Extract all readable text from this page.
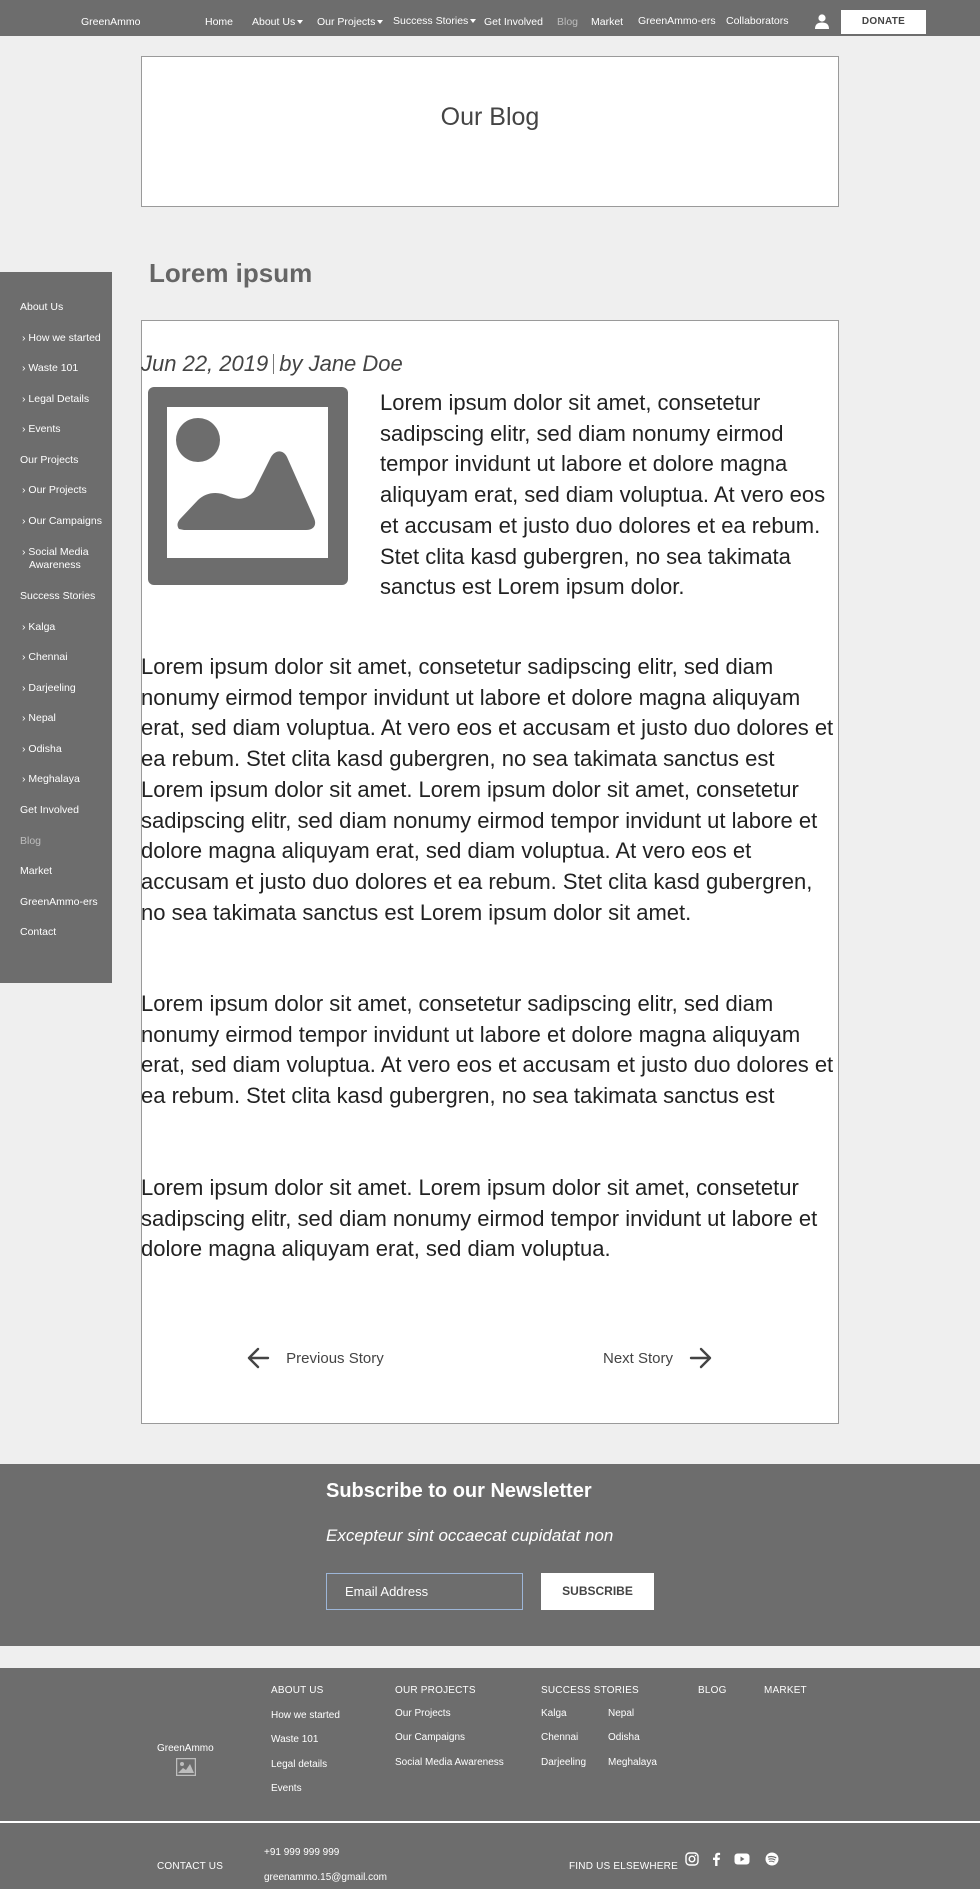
GreenAmmo	Home About Us	Our Projects	Success Stories	Get Involved Blog Market GreenAmmo-ers Collaborators	DONATE
Our Blog
Lorem ipsum
About Us
› How we started
› Waste 101
› Legal Details
› Events
Our Projects
› Our Projects
› Our Campaigns
› Social Media
Awareness
Success Stories
› Kalga
› Chennai
› Darjeeling
› Nepal
› Odisha
› Meghalaya
Get Involved
Blog
Market
GreenAmmo-ers
Contact
Jun 22, 2019 by Jane Doe
Lorem ipsum dolor sit amet, consetetur sadipscing elitr, sed diam nonumy eirmod tempor invidunt ut labore et dolore magna aliquyam erat, sed diam voluptua. At vero eos et accusam et justo duo dolores et ea rebum. Stet clita kasd gubergren, no sea takimata sanctus est Lorem ipsum dolor.
Lorem ipsum dolor sit amet, consetetur sadipscing elitr, sed diam nonumy eirmod tempor invidunt ut labore et dolore magna aliquyam erat, sed diam voluptua. At vero eos et accusam et justo duo dolores et ea rebum. Stet clita kasd gubergren, no sea takimata sanctus est Lorem ipsum dolor sit amet. Lorem ipsum dolor sit amet, consetetur sadipscing elitr, sed diam nonumy eirmod tempor invidunt ut labore et dolore magna aliquyam erat, sed diam voluptua. At vero eos et accusam et justo duo dolores et ea rebum. Stet clita kasd gubergren, no sea takimata sanctus est Lorem ipsum dolor sit amet.
Lorem ipsum dolor sit amet, consetetur sadipscing elitr, sed diam nonumy eirmod tempor invidunt ut labore et dolore magna aliquyam erat, sed diam voluptua. At vero eos et accusam et justo duo dolores et ea rebum. Stet clita kasd gubergren, no sea takimata sanctus est
Lorem ipsum dolor sit amet. Lorem ipsum dolor sit amet, consetetur sadipscing elitr, sed diam nonumy eirmod tempor invidunt ut labore et dolore magna aliquyam erat, sed diam voluptua.
Previous Story	Next Story
Subscribe to our Newsletter
Excepteur sint occaecat cupidatat non
Email Address
SUBSCRIBE
GreenAmmo
ABOUT US
How we started
Waste 101
Legal details
Events
OUR PROJECTS
Our Projects
Our Campaigns
Social Media Awareness
SUCCESS STORIES
Kalga	Nepal
Chennai	Odisha
Darjeeling Meghalaya
BLOG	MARKET
CONTACT US
+91 999 999 999
greenammo.15@gmail.com
FIND US ELSEWHERE
